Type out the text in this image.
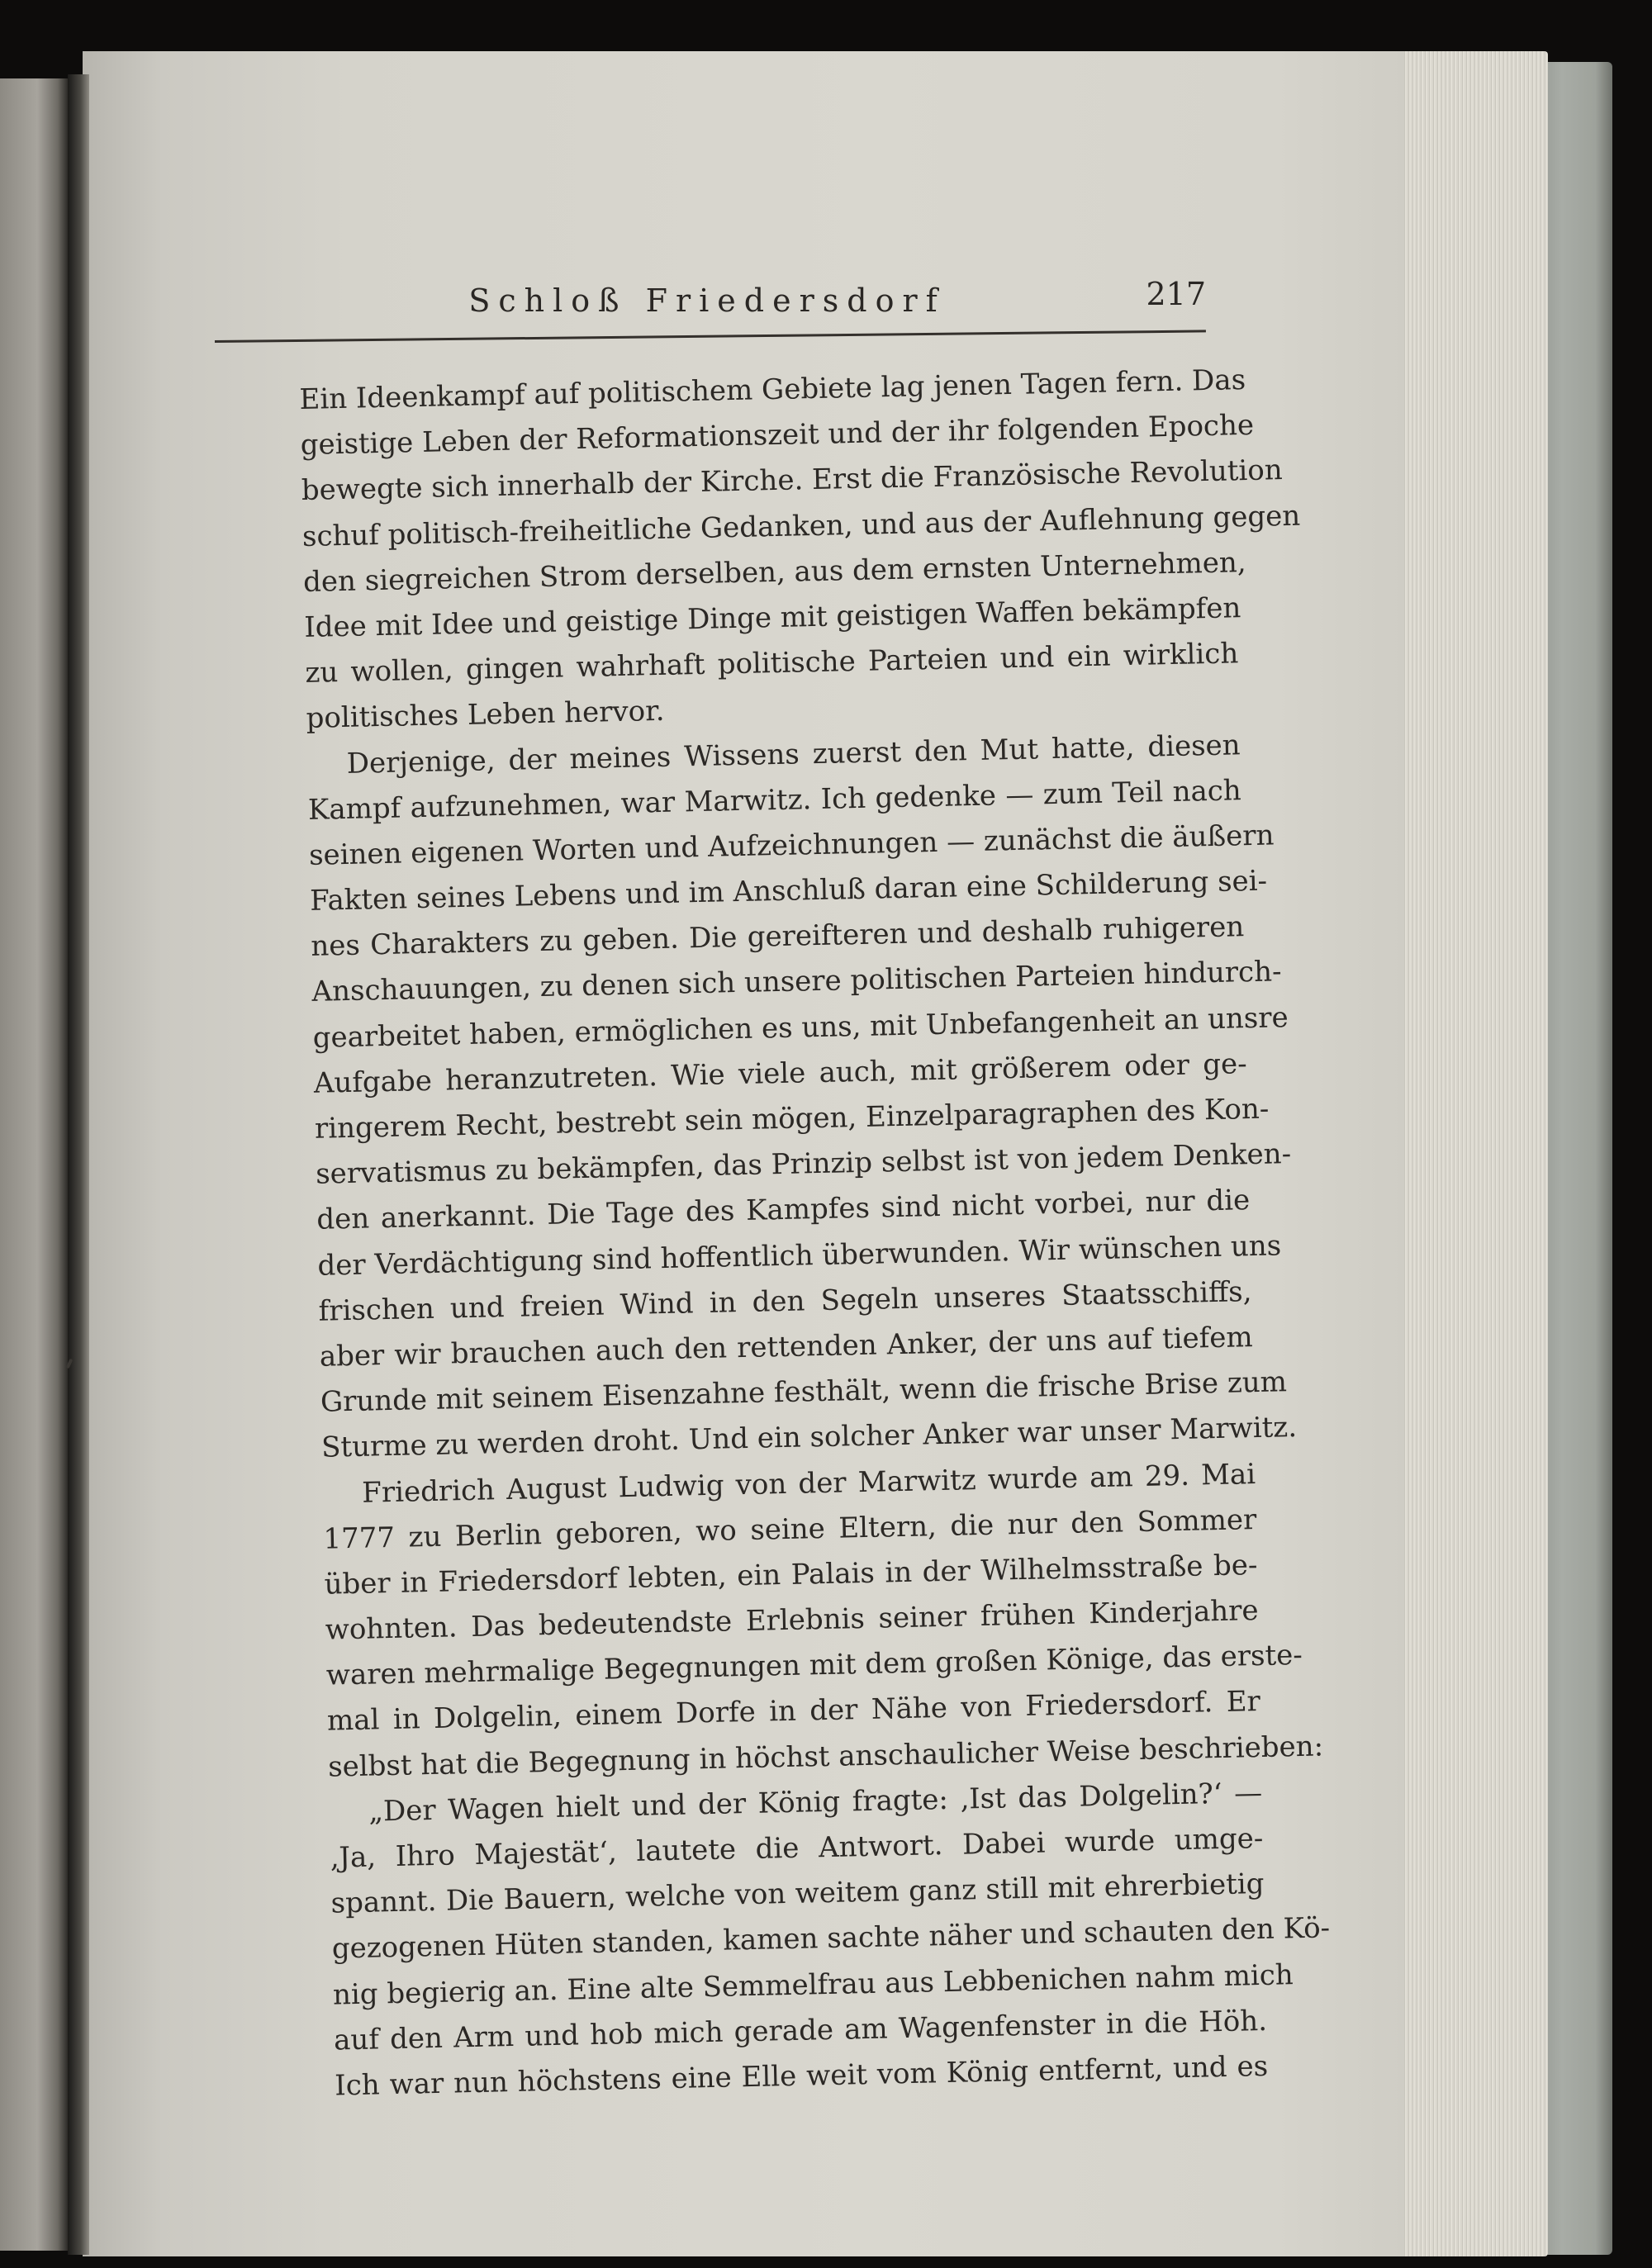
Schloß Friedersdorf	217
Ein Ideenkampf auf politischem Gebiete lag jenen Tagen fern. Das
geistige Leben der Reformationszeit und der ihr folgenden Epoche
bewegte sich innerhalb der Kirche. Erst die Französische Revolution
schuf politisch-freiheitliche Gedanken, und aus der Auflehnung gegen
den siegreichen Strom derselben, aus dem ernsten Unternehmen,
Idee mit Idee und geistige Dinge mit geistigen Waffen bekämpfen
zu wollen, gingen wahrhaft politische Parteien und ein wirklich
politisches Leben hervor.
Derjenige, der meines Wissens zuerst den Mut hatte, diesen
Kampf aufzunehmen, war Marwitz. Ich gedenke — zum Teil nach
seinen eigenen Worten und Aufzeichnungen — zunächst die äußern
Fakten seines Lebens und im Anschluß daran eine Schilderung sei-
nes Charakters zu geben. Die gereifteren und deshalb ruhigeren
Anschauungen, zu denen sich unsere politischen Parteien hindurch-
gearbeitet haben, ermöglichen es uns, mit Unbefangenheit an unsre
Aufgabe heranzutreten. Wie viele auch, mit größerem oder ge-
ringerem Recht, bestrebt sein mögen, Einzelparagraphen des Kon-
servatismus zu bekämpfen, das Prinzip selbst ist von jedem Denken-
den anerkannt. Die Tage des Kampfes sind nicht vorbei, nur die
der Verdächtigung sind hoffentlich überwunden. Wir wünschen uns
frischen und freien Wind in den Segeln unseres Staatsschiffs,
aber wir brauchen auch den rettenden Anker, der uns auf tiefem
Grunde mit seinem Eisenzahne festhält, wenn die frische Brise zum
Sturme zu werden droht. Und ein solcher Anker war unser Marwitz.
Friedrich August Ludwig von der Marwitz wurde am 29. Mai
1777 zu Berlin geboren, wo seine Eltern, die nur den Sommer
über in Friedersdorf lebten, ein Palais in der Wilhelmsstraße be-
wohnten. Das bedeutendste Erlebnis seiner frühen Kinderjahre
waren mehrmalige Begegnungen mit dem großen Könige, das erste-
mal in Dolgelin, einem Dorfe in der Nähe von Friedersdorf. Er
selbst hat die Begegnung in höchst anschaulicher Weise beschrieben:
„Der Wagen hielt und der König fragte: ‚Ist das Dolgelin?‘ —
‚Ja, Ihro Majestät‘, lautete die Antwort. Dabei wurde umge-
spannt. Die Bauern, welche von weitem ganz still mit ehrerbietig
gezogenen Hüten standen, kamen sachte näher und schauten den Kö-
nig begierig an. Eine alte Semmelfrau aus Lebbenichen nahm mich
auf den Arm und hob mich gerade am Wagenfenster in die Höh.
Ich war nun höchstens eine Elle weit vom König entfernt, und es
